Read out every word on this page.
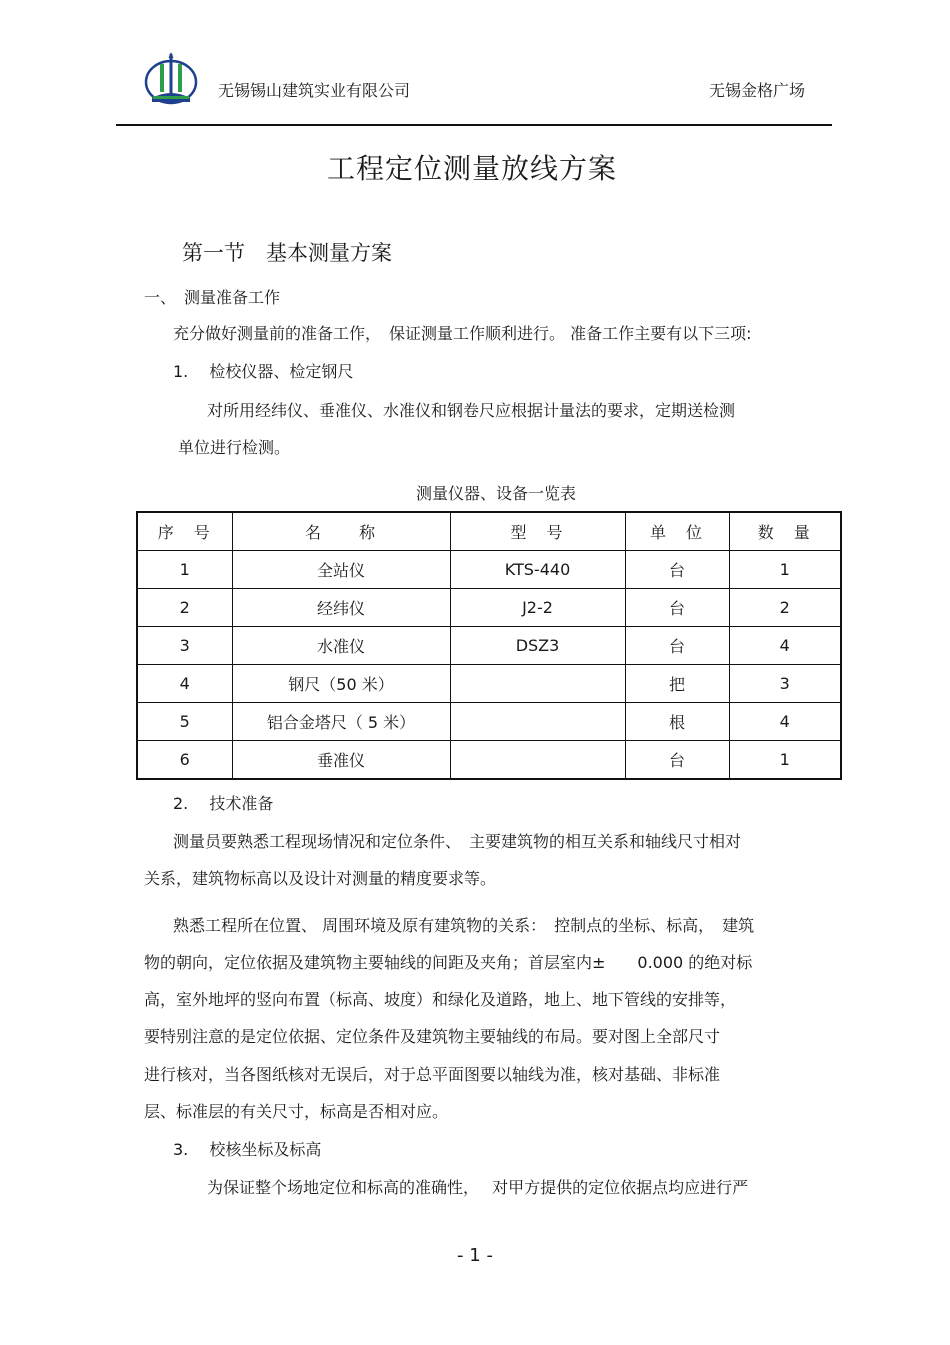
无锡锡山建筑实业有限公司	无锡金格广场
工程定位测量放线方案
第一节　基本测量方案
一、　测量准备工作
充分做好测量前的准备工作，　保证测量工作顺利进行。 准备工作主要有以下三项:
1.　 检校仪器、检定钢尺
对所用经纬仪、垂准仪、水准仪和钢卷尺应根据计量法的要求，定期送检测
单位进行检测。
测量仪器、设备一览表
序　号	名　　称	型　号	单　位	数　量
1	全站仪	KTS-440	台	1
2	经纬仪	J2-2	台	2
3	水准仪	DSZ3	台	4
4	钢尺（50 米）		把	3
5	铝合金塔尺（ 5 米）		根	4
6	垂准仪		台	1
2.　 技术准备
测量员要熟悉工程现场情况和定位条件、　主要建筑物的相互关系和轴线尺寸相对
关系，建筑物标高以及设计对测量的精度要求等。
熟悉工程所在位置、 周围环境及原有建筑物的关系：　控制点的坐标、标高，　建筑
物的朝向，定位依据及建筑物主要轴线的间距及夹角；首层室内±　　0.000 的绝对标
高，室外地坪的竖向布置（标高、坡度）和绿化及道路，地上、地下管线的安排等，
要特别注意的是定位依据、定位条件及建筑物主要轴线的布局。要对图上全部尺寸
进行核对，当各图纸核对无误后，对于总平面图要以轴线为准，核对基础、非标准
层、标准层的有关尺寸，标高是否相对应。
3.　 校核坐标及标高
为保证整个场地定位和标高的准确性，　 对甲方提供的定位依据点均应进行严
- 1 -
